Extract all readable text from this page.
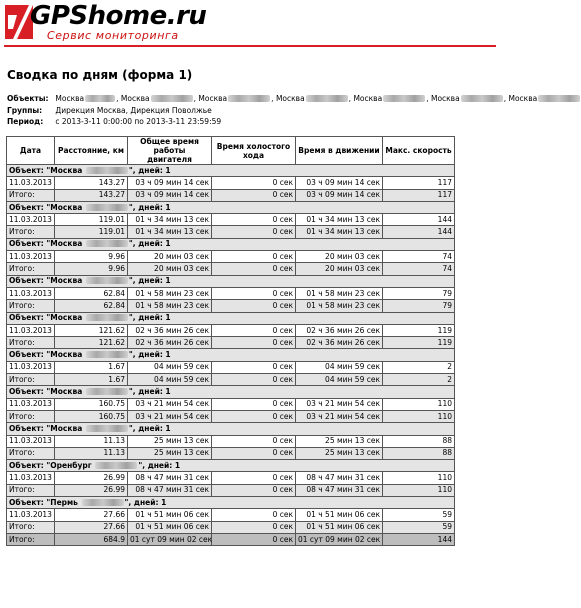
GPShome.ru
Сервис мониторинга
Сводка по дням (форма 1)
Объекты: Москва	, Москва	, Москва	, Москва	, Москва	, Москва	, Москва
Группы: Дирекция Москва, Дирекция Поволжье
Период: с 2013-3-11 0:00:00 по 2013-3-11 23:59:59
Дата	Расстояние, км	Общее время работы двигателя	Время холостого хода	Время в движении	Макс. скорость
Объект: "Москва ", дней: 1					
11.03.2013	143.27	03 ч 09 мин 14 сек	0 сек	03 ч 09 мин 14 сек	117
Итого:	143.27	03 ч 09 мин 14 сек	0 сек	03 ч 09 мин 14 сек	117
Объект: "Москва ", дней: 1					
11.03.2013	119.01	01 ч 34 мин 13 сек	0 сек	01 ч 34 мин 13 сек	144
Итого:	119.01	01 ч 34 мин 13 сек	0 сек	01 ч 34 мин 13 сек	144
Объект: "Москва ", дней: 1					
11.03.2013	9.96	20 мин 03 сек	0 сек	20 мин 03 сек	74
Итого:	9.96	20 мин 03 сек	0 сек	20 мин 03 сек	74
Объект: "Москва ", дней: 1					
11.03.2013	62.84	01 ч 58 мин 23 сек	0 сек	01 ч 58 мин 23 сек	79
Итого:	62.84	01 ч 58 мин 23 сек	0 сек	01 ч 58 мин 23 сек	79
Объект: "Москва ", дней: 1					
11.03.2013	121.62	02 ч 36 мин 26 сек	0 сек	02 ч 36 мин 26 сек	119
Итого:	121.62	02 ч 36 мин 26 сек	0 сек	02 ч 36 мин 26 сек	119
Объект: "Москва ", дней: 1					
11.03.2013	1.67	04 мин 59 сек	0 сек	04 мин 59 сек	2
Итого:	1.67	04 мин 59 сек	0 сек	04 мин 59 сек	2
Объект: "Москва ", дней: 1					
11.03.2013	160.75	03 ч 21 мин 54 сек	0 сек	03 ч 21 мин 54 сек	110
Итого:	160.75	03 ч 21 мин 54 сек	0 сек	03 ч 21 мин 54 сек	110
Объект: "Москва ", дней: 1					
11.03.2013	11.13	25 мин 13 сек	0 сек	25 мин 13 сек	88
Итого:	11.13	25 мин 13 сек	0 сек	25 мин 13 сек	88
Объект: "Оренбург ", дней: 1					
11.03.2013	26.99	08 ч 47 мин 31 сек	0 сек	08 ч 47 мин 31 сек	110
Итого:	26.99	08 ч 47 мин 31 сек	0 сек	08 ч 47 мин 31 сек	110
Объект: "Пермь ", дней: 1					
11.03.2013	27.66	01 ч 51 мин 06 сек	0 сек	01 ч 51 мин 06 сек	59
Итого:	27.66	01 ч 51 мин 06 сек	0 сек	01 ч 51 мин 06 сек	59
Итого:	684.9	01 сут 09 мин 02 сек	0 сек	01 сут 09 мин 02 сек	144
